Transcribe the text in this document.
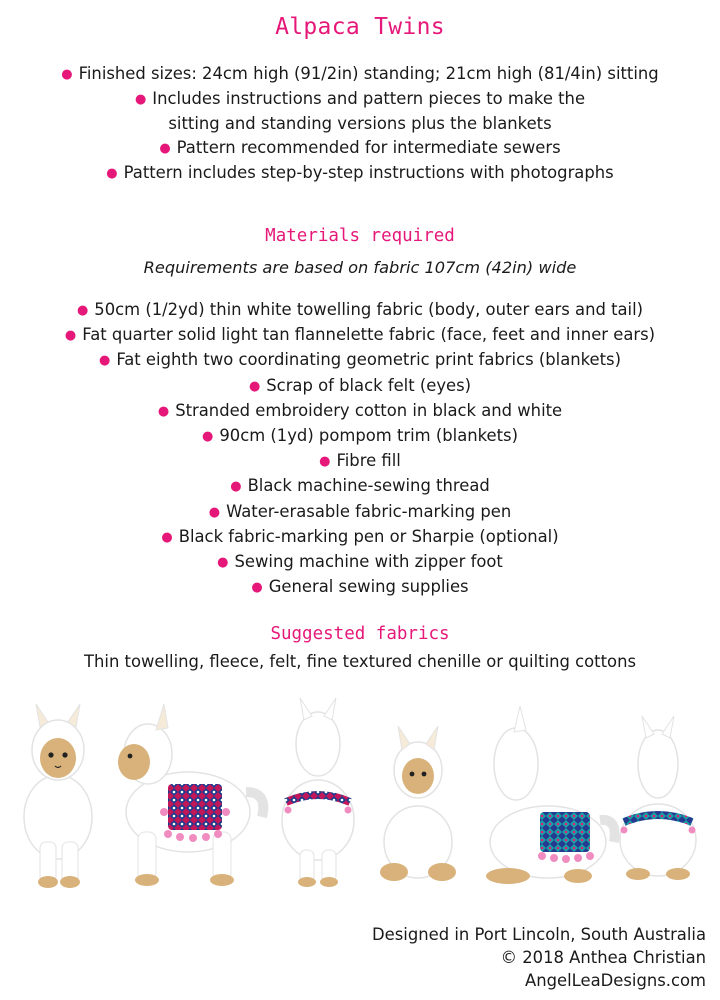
Alpaca Twins
● Finished sizes: 24cm high (91/2in) standing; 21cm high (81/4in) sitting
● Includes instructions and pattern pieces to make the
sitting and standing versions plus the blankets
● Pattern recommended for intermediate sewers
● Pattern includes step-by-step instructions with photographs
Materials required
Requirements are based on fabric 107cm (42in) wide
● 50cm (1/2yd) thin white towelling fabric (body, outer ears and tail)
● Fat quarter solid light tan flannelette fabric (face, feet and inner ears)
● Fat eighth two coordinating geometric print fabrics (blankets)
● Scrap of black felt (eyes)
● Stranded embroidery cotton in black and white
● 90cm (1yd) pompom trim (blankets)
● Fibre fill
● Black machine-sewing thread
● Water-erasable fabric-marking pen
● Black fabric-marking pen or Sharpie (optional)
● Sewing machine with zipper foot
● General sewing supplies
Suggested fabrics
Thin towelling, fleece, felt, fine textured chenille or quilting cottons
Designed in Port Lincoln, South Australia
© 2018 Anthea Christian
AngelLeaDesigns.com
